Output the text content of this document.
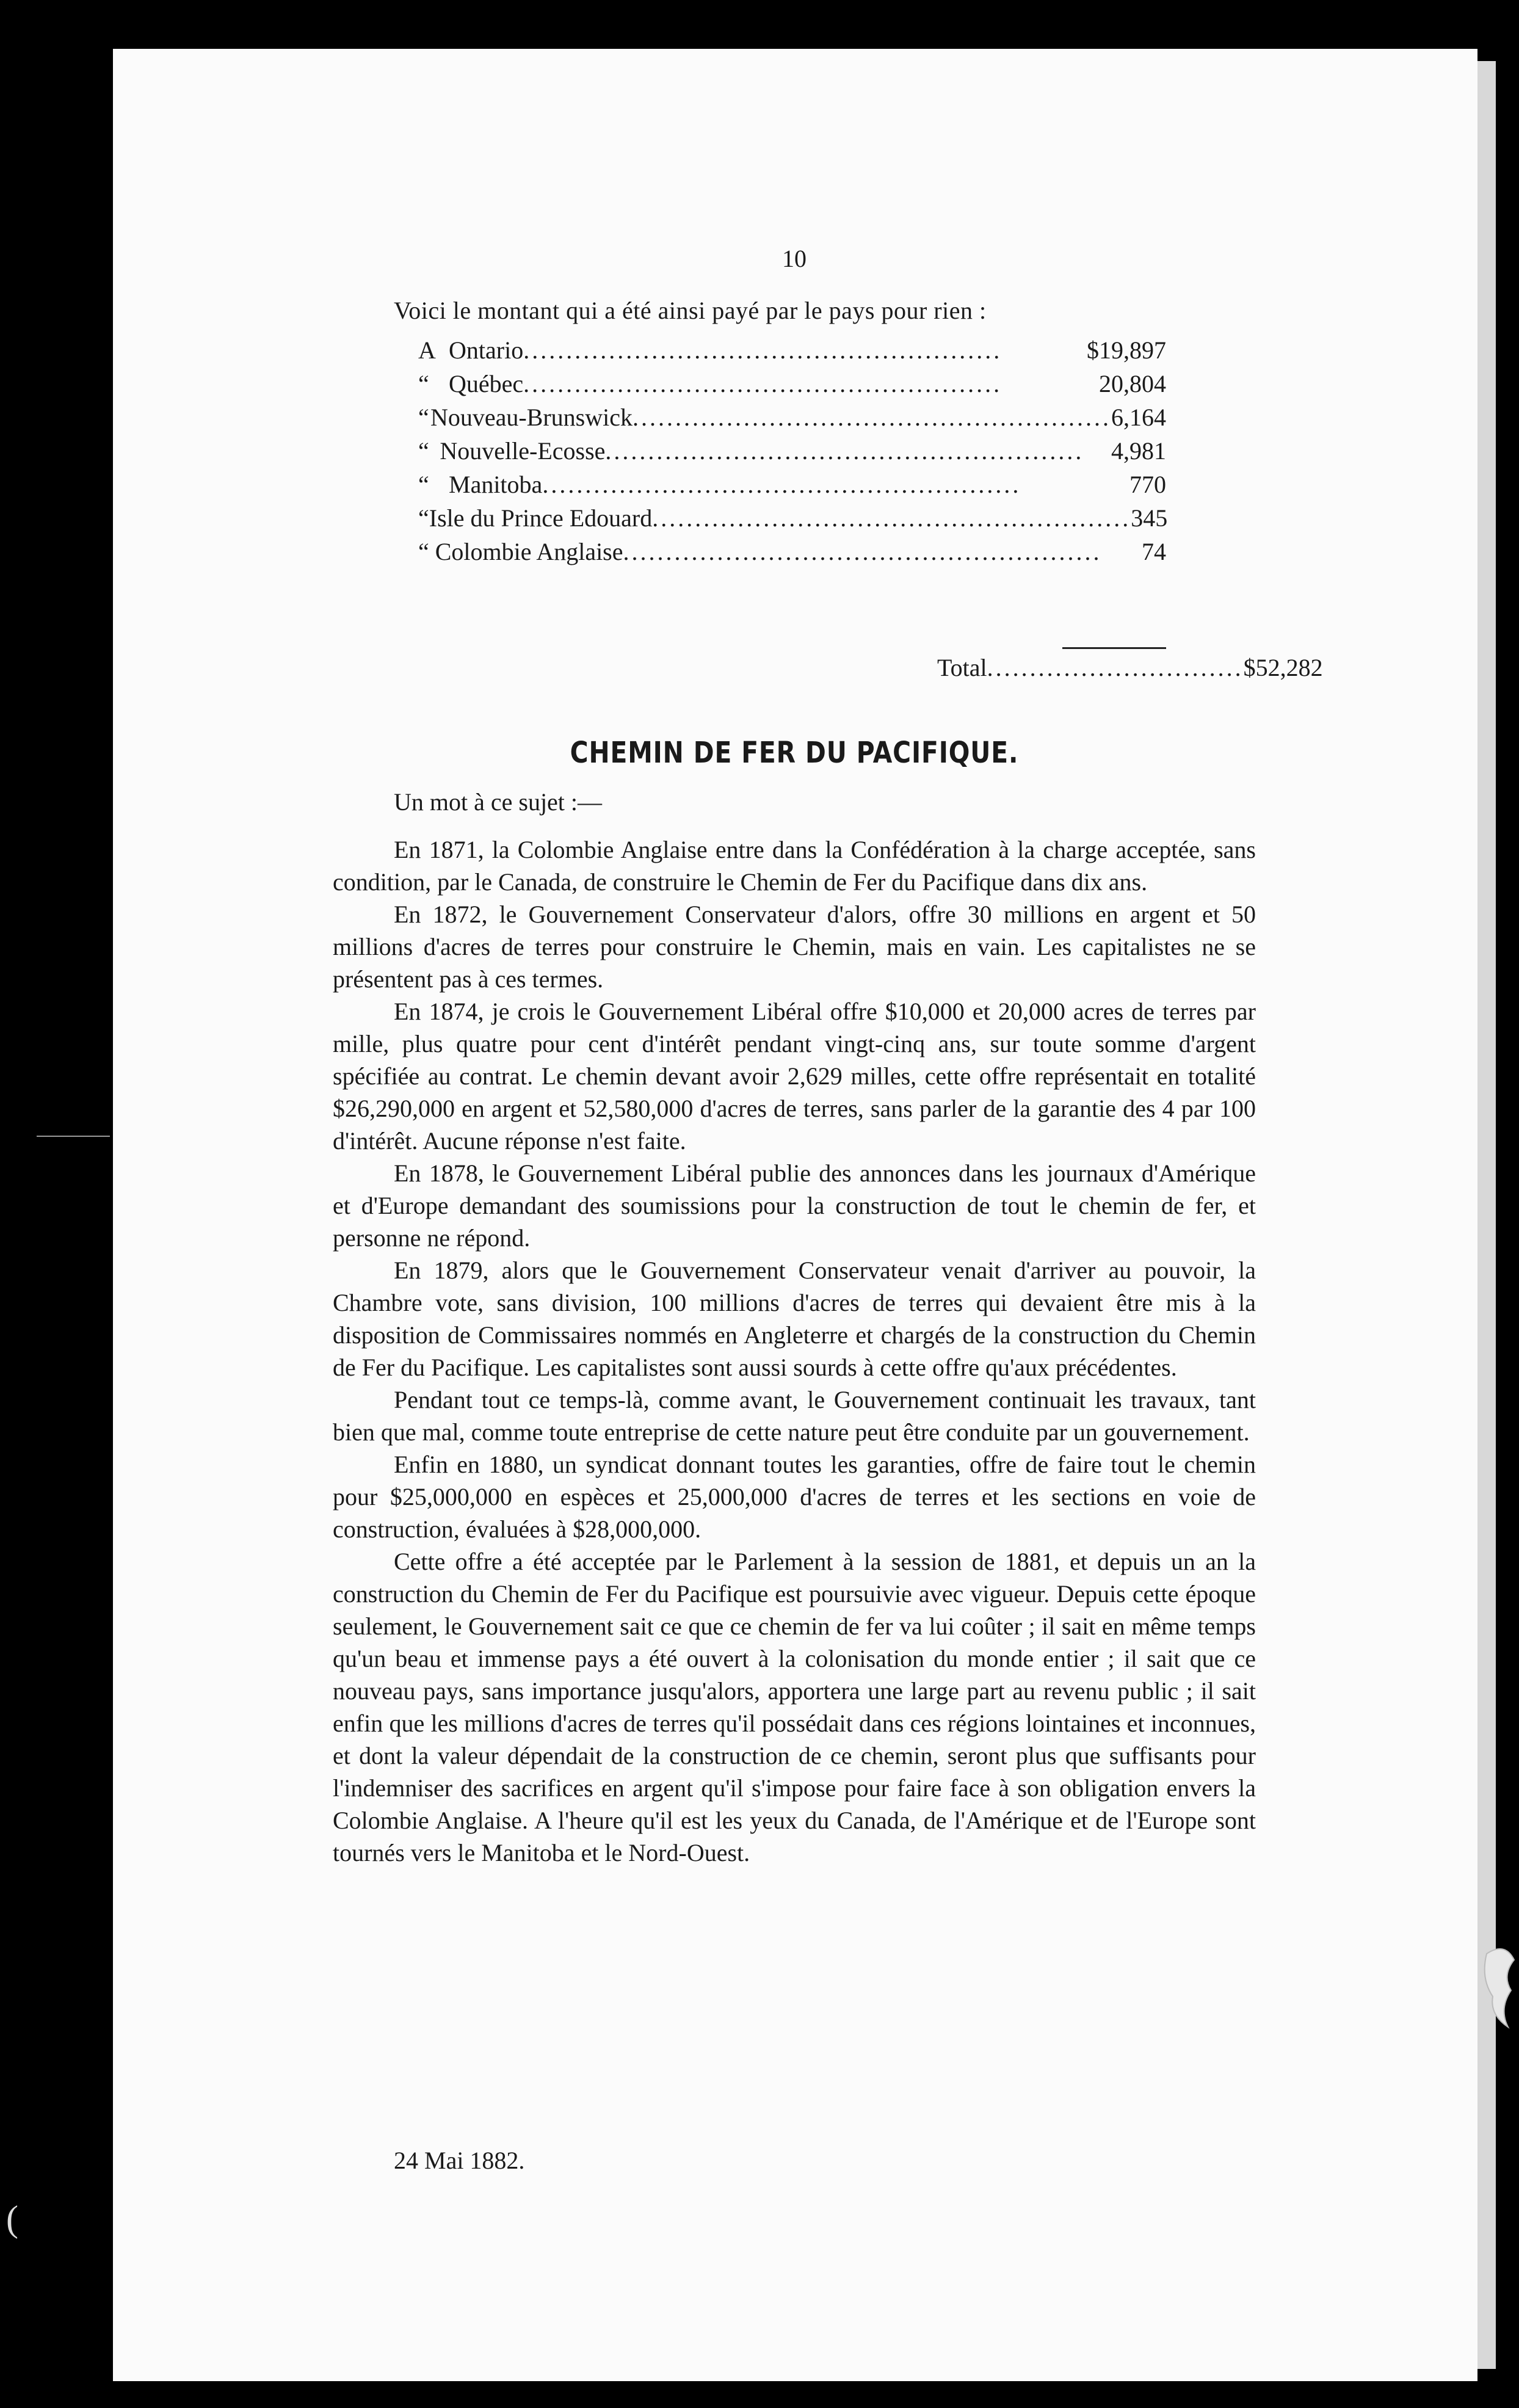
10
Voici le montant qui a été ainsi payé par le pays pour rien :
A Ontario ........................................................	$19,897
“ Québec ........................................................	20,804
“ Nouveau-Brunswick ........................................................ 6,164
“ Nouvelle-Ecosse ........................................................	4,981
“ Manitoba ........................................................	770
“ Isle du Prince Edouard ........................................................ 345
“ Colombie Anglaise ........................................................	74
Total .............................. $52,282
CHEMIN DE FER DU PACIFIQUE.
Un mot à ce sujet :—

En 1871, la Colombie Anglaise entre dans la Confédération à la charge acceptée, sans condition, par le Canada, de construire le Chemin de Fer du Pacifique dans dix ans.

En 1872, le Gouvernement Conservateur d'alors, offre 30 millions en argent et 50 millions d'acres de terres pour construire le Chemin, mais en vain. Les capitalistes ne se présentent pas à ces termes.

En 1874, je crois le Gouvernement Libéral offre $10,000 et 20,000 acres de terres par mille, plus quatre pour cent d'intérêt pendant vingt-cinq ans, sur toute somme d'argent spécifiée au contrat. Le chemin devant avoir 2,629 milles, cette offre représentait en totalité $26,290,000 en argent et 52,580,000 d'acres de terres, sans parler de la garantie des 4 par 100 d'intérêt. Aucune réponse n'est faite.

En 1878, le Gouvernement Libéral publie des annonces dans les journaux d'Amérique et d'Europe demandant des soumissions pour la construction de tout le chemin de fer, et personne ne répond.

En 1879, alors que le Gouvernement Conservateur venait d'arriver au pouvoir, la Chambre vote, sans division, 100 millions d'acres de terres qui devaient être mis à la disposition de Commissaires nommés en Angleterre et chargés de la construction du Chemin de Fer du Pacifique. Les capitalistes sont aussi sourds à cette offre qu'aux précédentes.

Pendant tout ce temps-là, comme avant, le Gouvernement continuait les travaux, tant bien que mal, comme toute entreprise de cette nature peut être conduite par un gouvernement.

Enfin en 1880, un syndicat donnant toutes les garanties, offre de faire tout le chemin pour $25,000,000 en espèces et 25,000,000 d'acres de terres et les sections en voie de construction, évaluées à $28,000,000.

Cette offre a été acceptée par le Parlement à la session de 1881, et depuis un an la construction du Chemin de Fer du Pacifique est poursuivie avec vigueur. Depuis cette époque seulement, le Gouvernement sait ce que ce chemin de fer va lui coûter ; il sait en même temps qu'un beau et immense pays a été ouvert à la colonisation du monde entier ; il sait que ce nouveau pays, sans importance jusqu'alors, apportera une large part au revenu public ; il sait enfin que les millions d'acres de terres qu'il possédait dans ces régions lointaines et inconnues, et dont la valeur dépendait de la construction de ce chemin, seront plus que suffisants pour l'indemniser des sacrifices en argent qu'il s'impose pour faire face à son obligation envers la Colombie Anglaise. A l'heure qu'il est les yeux du Canada, de l'Amérique et de l'Europe sont tournés vers le Manitoba et le Nord-Ouest.

24 Mai 1882.
(
